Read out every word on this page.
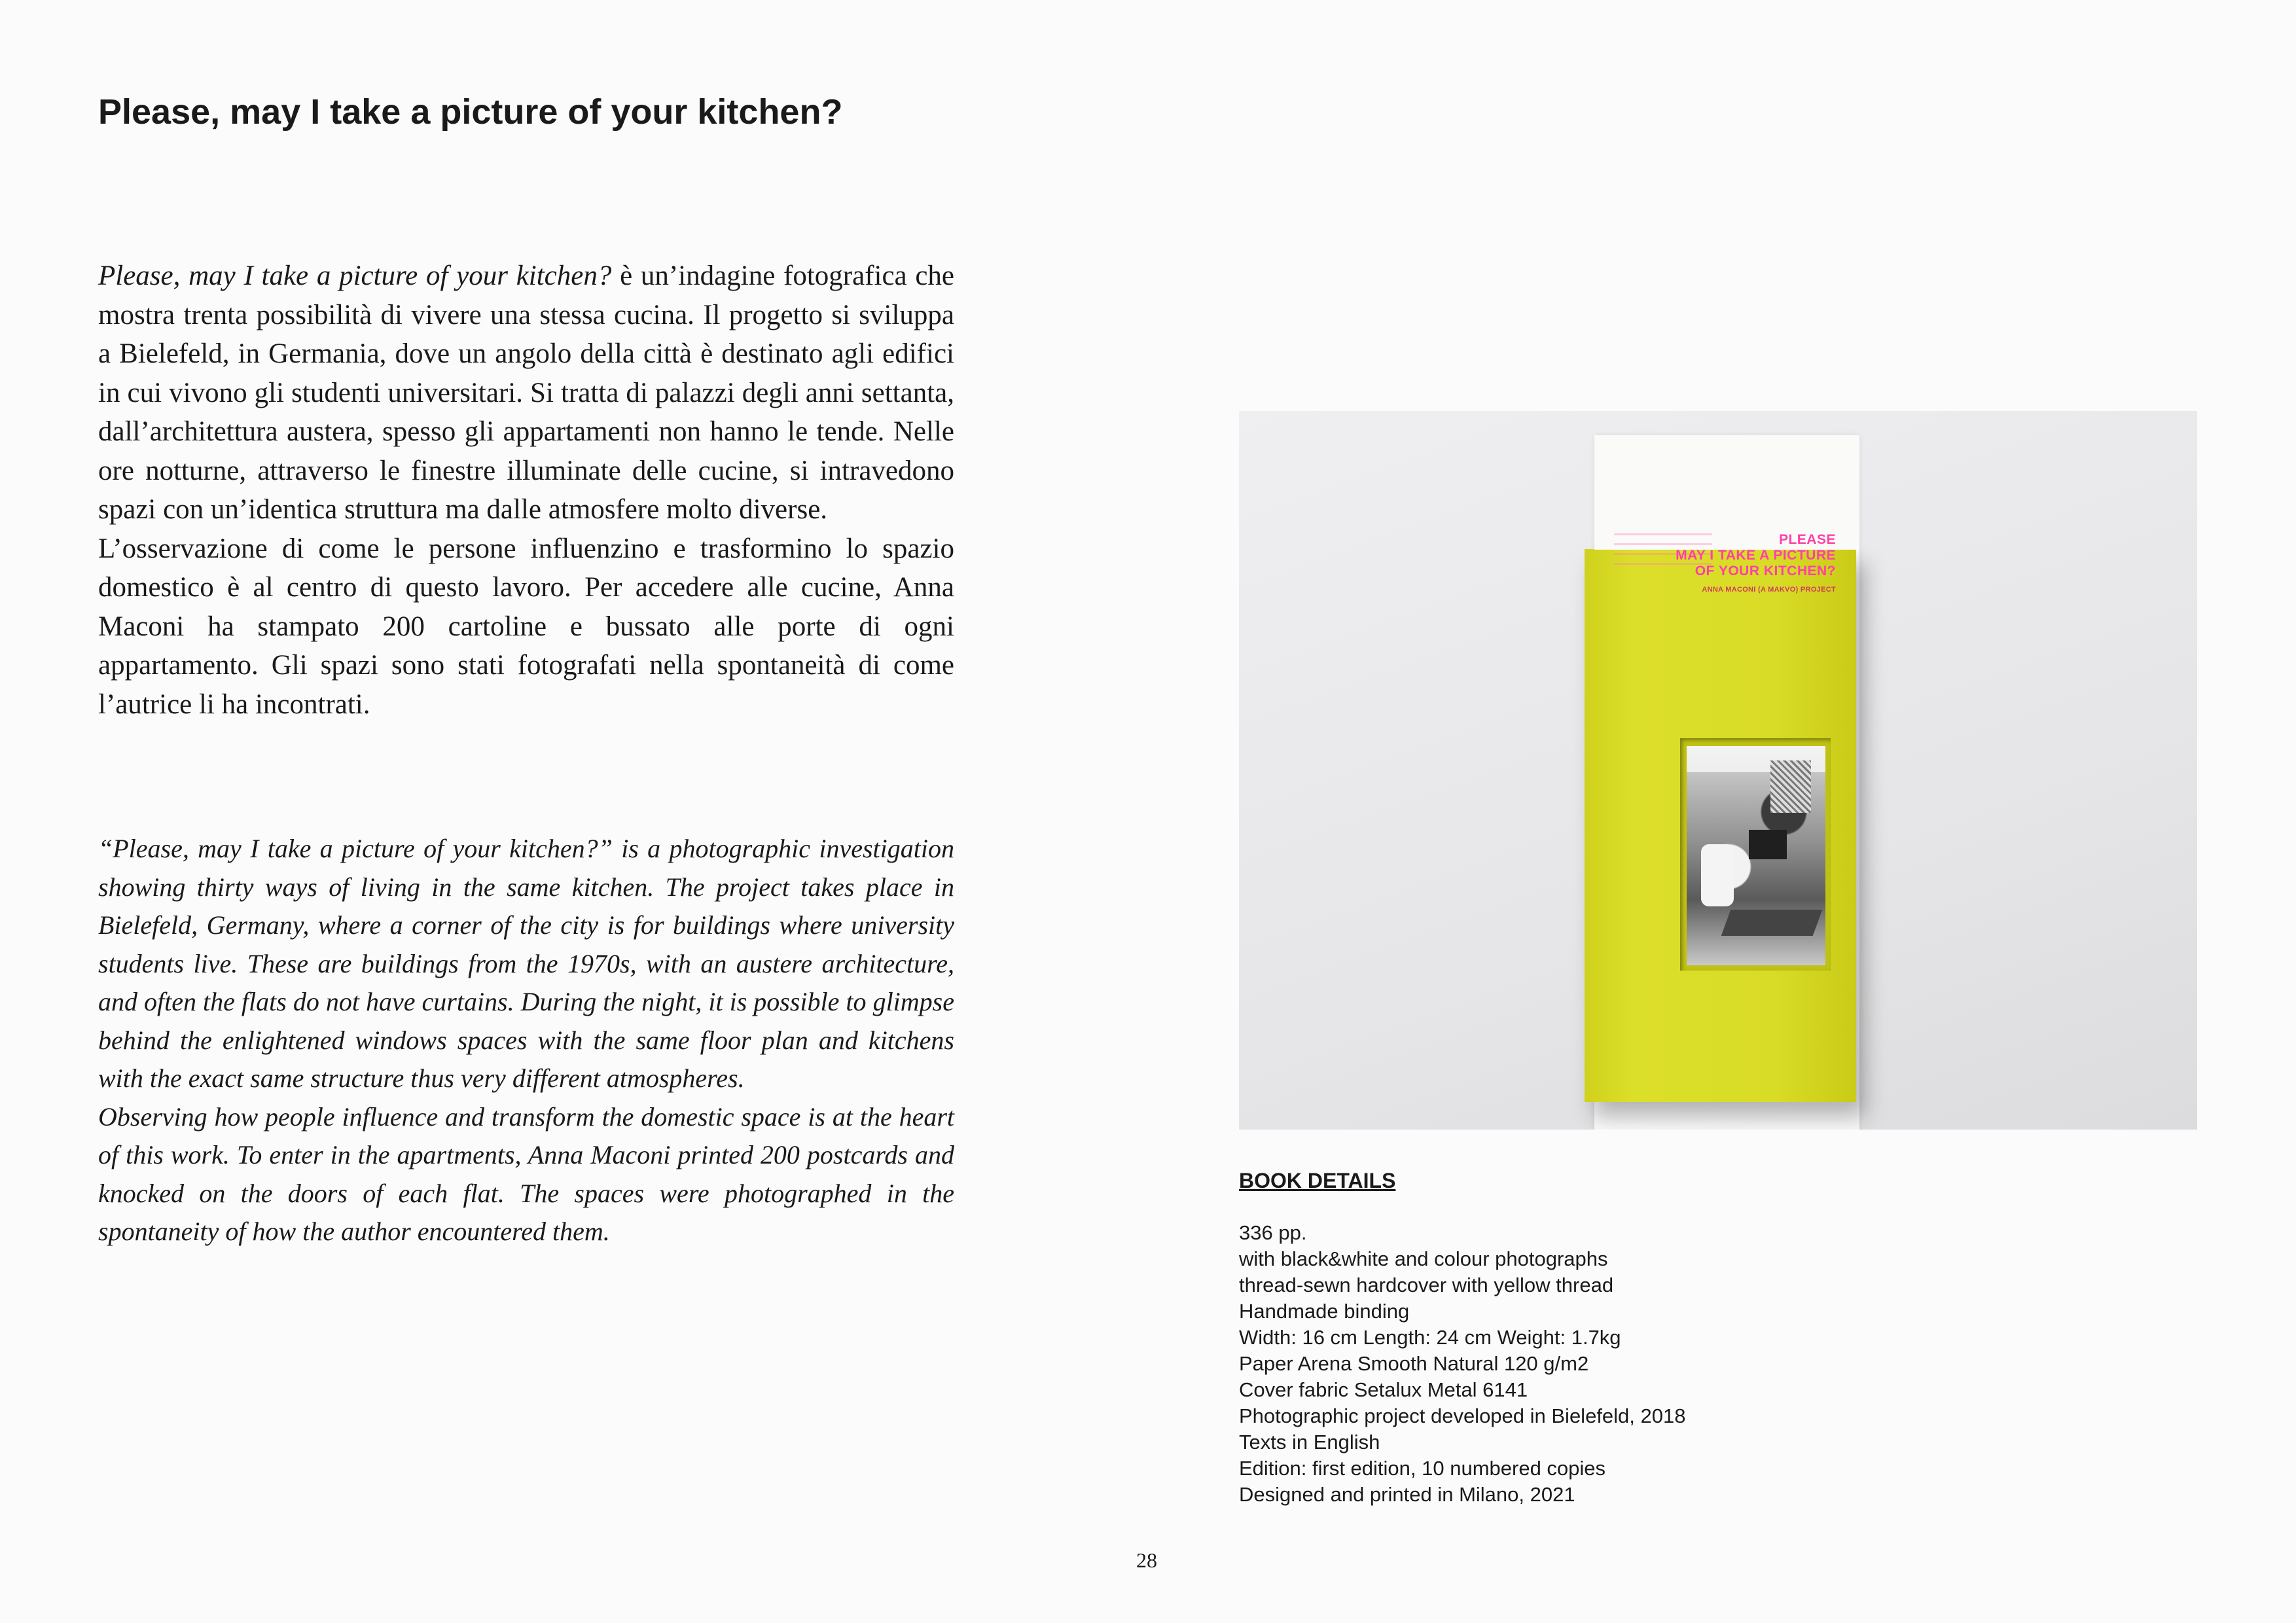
Please, may I take a picture of your kitchen?

Please, may I take a picture of your kitchen? è un’indagine fotografica che mostra trenta possibilità di vivere una stessa cucina. Il progetto si sviluppa a Bielefeld, in Germania, dove un angolo della città è destinato agli edifici in cui vivono gli studenti universitari. Si tratta di palazzi degli anni settanta, dall’architettura austera, spesso gli appartamenti non hanno le tende. Nelle ore notturne, attraverso le finestre illuminate delle cucine, si intravedono spazi con un’identica struttura ma dalle atmosfere molto diverse.

L’osservazione di come le persone influenzino e trasformino lo spazio domestico è al centro di questo lavoro. Per accedere alle cucine, Anna Maconi ha stampato 200 cartoline e bussato alle porte di ogni appartamento. Gli spazi sono stati fotografati nella spontaneità di come l’autrice li ha incontrati.

“Please, may I take a picture of your kitchen?” is a photographic investigation showing thirty ways of living in the same kitchen. The project takes place in Bielefeld, Germany, where a corner of the city is for buildings where university students live. These are buildings from the 1970s, with an austere architecture, and often the flats do not have curtains. During the night, it is possible to glimpse behind the enlightened windows spaces with the same floor plan and kitchens with the exact same structure thus very different atmospheres.

Observing how people influence and transform the domestic space is at the heart of this work. To enter in the apartments, Anna Maconi printed 200 postcards and knocked on the doors of each flat. The spaces were photographed in the spontaneity of how the author encountered them.

PLEASE
MAY I TAKE A PICTURE
OF YOUR KITCHEN?
ANNA MACONI (A MAKVO) PROJECT
BOOK DETAILS
336 pp.
with black&white and colour photographs
thread-sewn hardcover with yellow thread
Handmade binding
Width: 16 cm Length: 24 cm Weight: 1.7kg
Paper Arena Smooth Natural 120 g/m2
Cover fabric Setalux Metal 6141
Photographic project developed in Bielefeld, 2018
Texts in English
Edition: first edition, 10 numbered copies
Designed and printed in Milano, 2021
28
